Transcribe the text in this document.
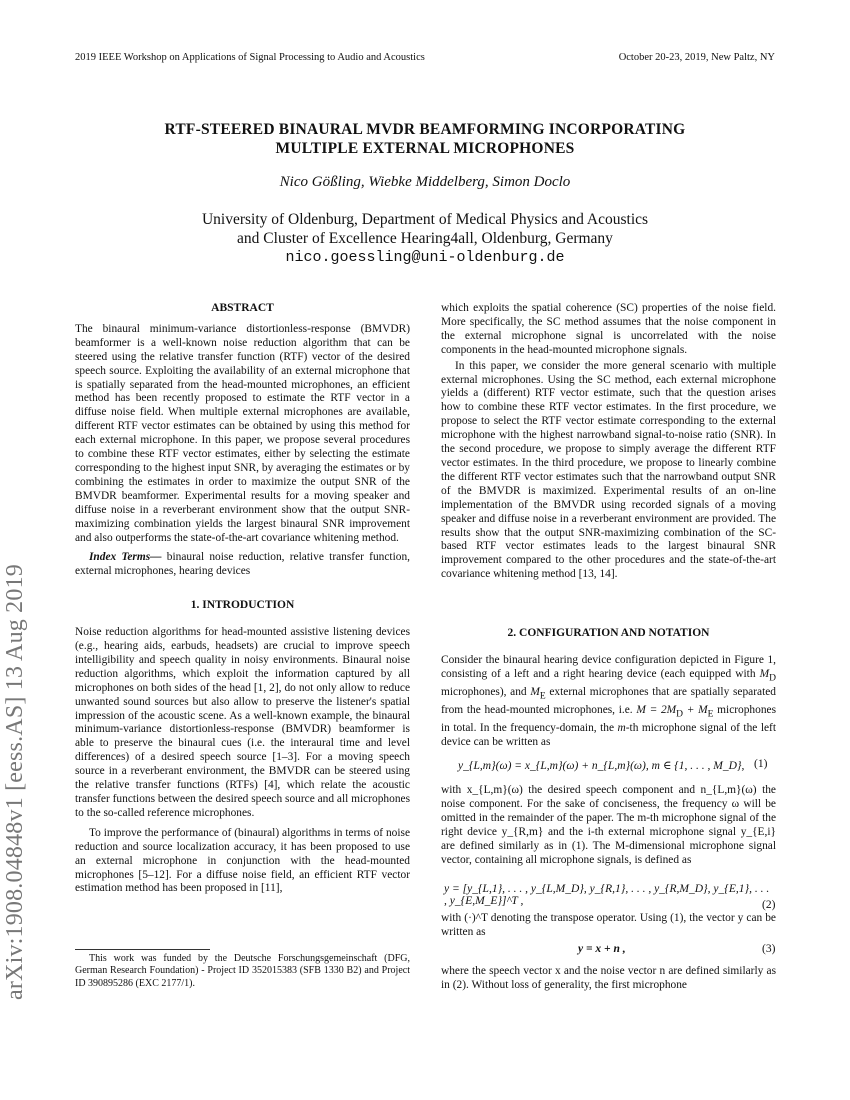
2019 IEEE Workshop on Applications of Signal Processing to Audio and Acoustics	October 20-23, 2019, New Paltz, NY
RTF-STEERED BINAURAL MVDR BEAMFORMING INCORPORATING
MULTIPLE EXTERNAL MICROPHONES
Nico Gößling, Wiebke Middelberg, Simon Doclo
University of Oldenburg, Department of Medical Physics and Acoustics
and Cluster of Excellence Hearing4all, Oldenburg, Germany
nico.goessling@uni-oldenburg.de
arXiv:1908.04848v1 [eess.AS] 13 Aug 2019
ABSTRACT

The binaural minimum-variance distortionless-response (BMVDR) beamformer is a well-known noise reduction algorithm that can be steered using the relative transfer function (RTF) vector of the desired speech source. Exploiting the availability of an external microphone that is spatially separated from the head-mounted microphones, an efficient method has been recently proposed to estimate the RTF vector in a diffuse noise field. When multiple external microphones are available, different RTF vector estimates can be obtained by using this method for each external microphone. In this paper, we propose several procedures to combine these RTF vector estimates, either by selecting the estimate corresponding to the highest input SNR, by averaging the estimates or by combining the estimates in order to maximize the output SNR of the BMVDR beamformer. Experimental results for a moving speaker and diffuse noise in a reverberant environment show that the output SNR-maximizing combination yields the largest binaural SNR improvement and also outperforms the state-of-the-art covariance whitening method.

Index Terms— binaural noise reduction, relative transfer function, external microphones, hearing devices

1. INTRODUCTION

Noise reduction algorithms for head-mounted assistive listening devices (e.g., hearing aids, earbuds, headsets) are crucial to improve speech intelligibility and speech quality in noisy environments. Binaural noise reduction algorithms, which exploit the information captured by all microphones on both sides of the head [1, 2], do not only allow to reduce unwanted sound sources but also allow to preserve the listener's spatial impression of the acoustic scene. As a well-known example, the binaural minimum-variance distortionless-response (BMVDR) beamformer is able to preserve the binaural cues (i.e. the interaural time and level differences) of a desired speech source [1–3]. For a moving speech source in a reverberant environment, the BMVDR can be steered using the relative transfer functions (RTFs) [4], which relate the acoustic transfer functions between the desired speech source and all microphones to the so-called reference microphones.

To improve the performance of (binaural) algorithms in terms of noise reduction and source localization accuracy, it has been proposed to use an external microphone in conjunction with the head-mounted microphones [5–12]. For a diffuse noise field, an efficient RTF vector estimation method has been proposed in [11],

This work was funded by the Deutsche Forschungsgemeinschaft (DFG, German Research Foundation) - Project ID 352015383 (SFB 1330 B2) and Project ID 390895286 (EXC 2177/1).

which exploits the spatial coherence (SC) properties of the noise field. More specifically, the SC method assumes that the noise component in the external microphone signal is uncorrelated with the noise components in the head-mounted microphone signals.

In this paper, we consider the more general scenario with multiple external microphones. Using the SC method, each external microphone yields a (different) RTF vector estimate, such that the question arises how to combine these RTF vector estimates. In the first procedure, we propose to select the RTF vector estimate corresponding to the external microphone with the highest narrowband signal-to-noise ratio (SNR). In the second procedure, we propose to simply average the different RTF vector estimates. In the third procedure, we propose to linearly combine the different RTF vector estimates such that the narrowband output SNR of the BMVDR is maximized. Experimental results of an on-line implementation of the BMVDR using recorded signals of a moving speaker and diffuse noise in a reverberant environment are provided. The results show that the output SNR-maximizing combination of the SC-based RTF vector estimates leads to the largest binaural SNR improvement compared to the other procedures and the state-of-the-art covariance whitening method [13, 14].

2. CONFIGURATION AND NOTATION

Consider the binaural hearing device configuration depicted in Figure 1, consisting of a left and a right hearing device (each equipped with $M_D$ microphones), and $M_E$ external microphones that are spatially separated from the head-mounted microphones, i.e. $M = 2M_D + M_E$ microphones in total. In the frequency-domain, the m-th microphone signal of the left device can be written as

y_{L,m}(ω) = x_{L,m}(ω) + n_{L,m}(ω), m ∈ {1, . . . , M_D}, (1)

with x_{L,m}(ω) the desired speech component and n_{L,m}(ω) the noise component. For the sake of conciseness, the frequency ω will be omitted in the remainder of the paper. The m-th microphone signal of the right device y_{R,m} and the i-th external microphone signal y_{E,i} are defined similarly as in (1). The M-dimensional microphone signal vector, containing all microphone signals, is defined as

y = [y_{L,1}, . . . , y_{L,M_D}, y_{R,1}, . . . , y_{R,M_D}, y_{E,1}, . . . , y_{E,M_E}]^T ,	(2)

with (·)^T denoting the transpose operator. Using (1), the vector y can be written as

y = x + n ,	(3)

where the speech vector x and the noise vector n are defined similarly as in (2). Without loss of generality, the first microphone
